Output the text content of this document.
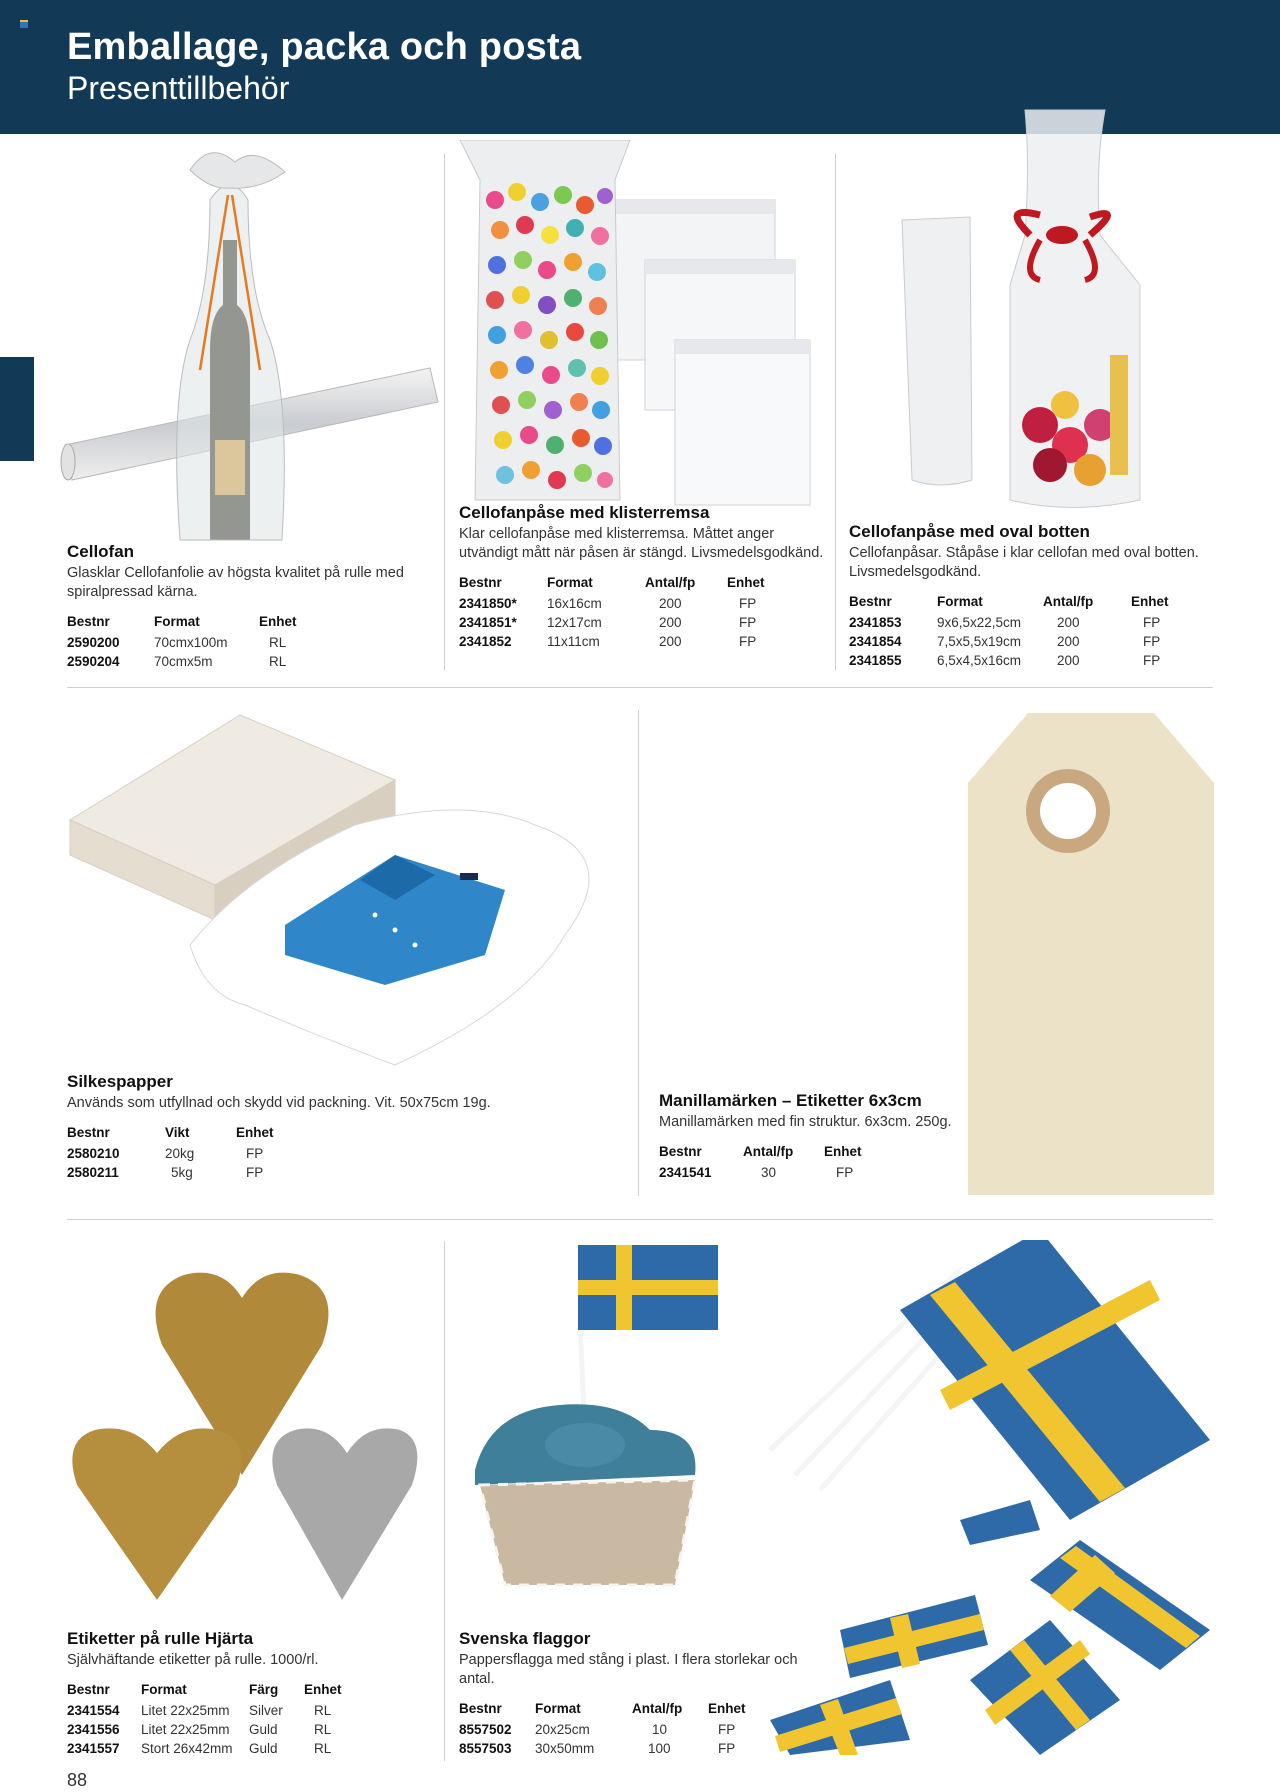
Emballage, packa och posta
Presenttillbehör
Cellofan

Glasklar Cellofanfolie av högsta kvalitet på rulle med spiralpressad kärna.

Bestnr	Format	Enhet
2590200	70cmx100m	RL
2590204	70cmx5m	RL
Cellofanpåse med klisterremsa

Klar cellofanpåse med klisterremsa. Måttet anger utvändigt mått när påsen är stängd. Livsmedelsgodkänd.

Bestnr	Format	Antal/fp	Enhet
2341850*	16x16cm	200	FP
2341851*	12x17cm	200	FP
2341852	11x11cm	200	FP
Cellofanpåse med oval botten

Cellofanpåsar. Ståpåse i klar cellofan med oval botten. Livsmedelsgodkänd.

Bestnr	Format	Antal/fp	Enhet
2341853	9x6,5x22,5cm	200	FP
2341854	7,5x5,5x19cm	200	FP
2341855	6,5x4,5x16cm	200	FP
Silkespapper

Används som utfyllnad och skydd vid packning. Vit. 50x75cm 19g.

Bestnr	Vikt	Enhet
2580210	20kg	FP
2580211	5kg	FP
Manillamärken – Etiketter 6x3cm

Manillamärken med fin struktur. 6x3cm. 250g.

Bestnr	Antal/fp	Enhet
2341541	30	FP
Etiketter på rulle Hjärta

Självhäftande etiketter på rulle. 1000/rl.

Bestnr	Format	Färg	Enhet
2341554	Litet 22x25mm	Silver	RL
2341556	Litet 22x25mm	Guld	RL
2341557	Stort 26x42mm	Guld	RL
Svenska flaggor

Pappersflagga med stång i plast. I flera storlekar och antal.

Bestnr	Format	Antal/fp	Enhet
8557502	20x25cm	10	FP
8557503	30x50mm	100	FP
88
